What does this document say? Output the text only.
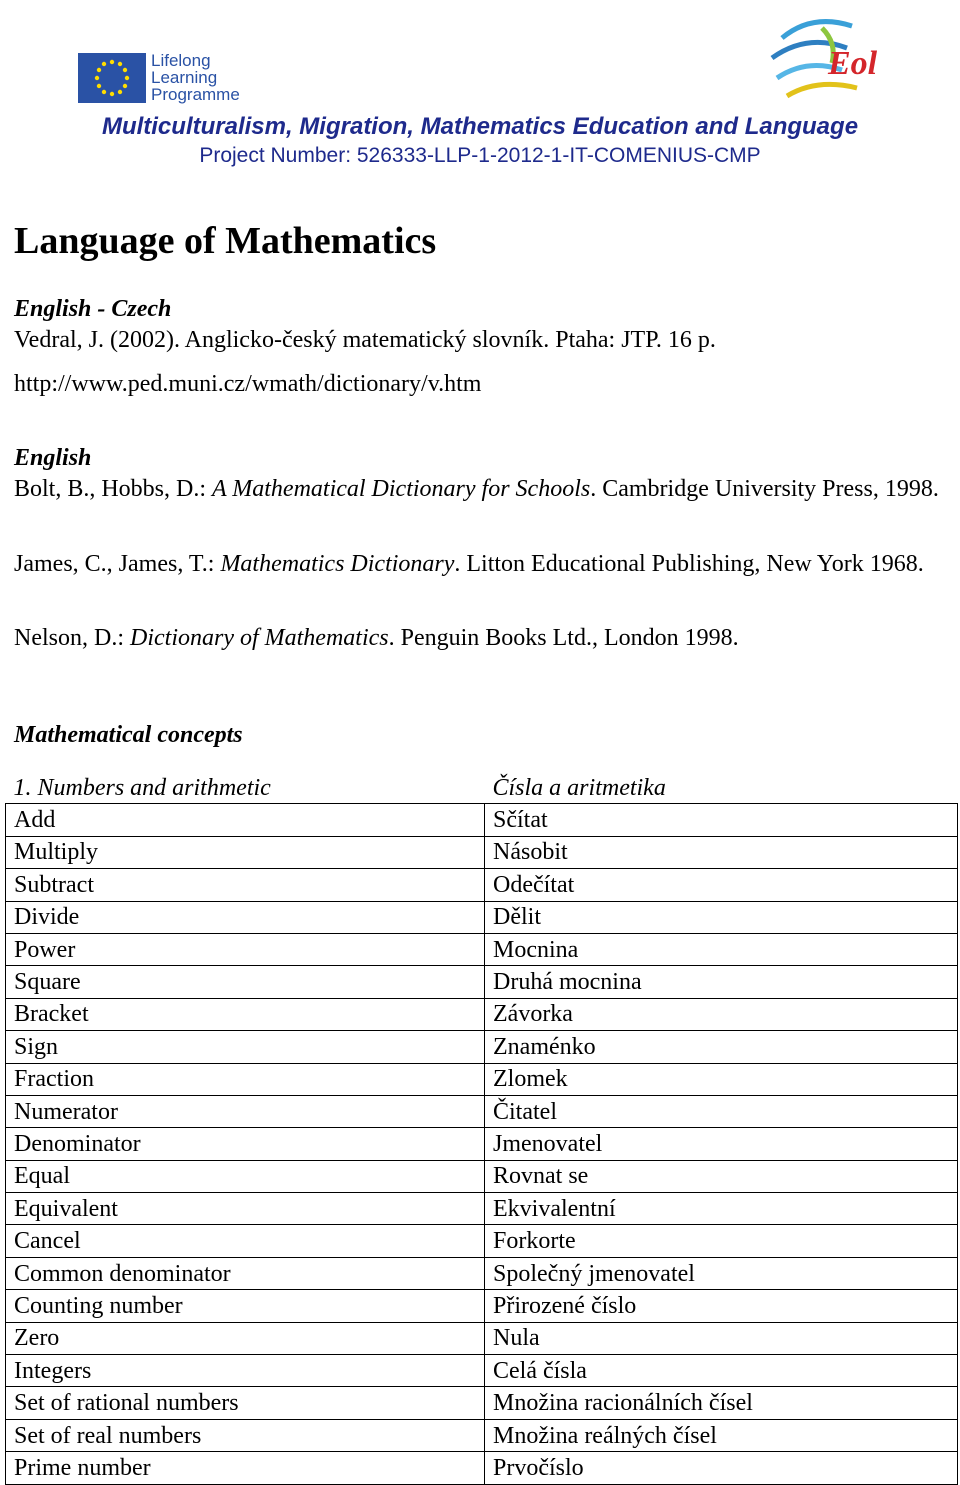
Lifelong
Learning
Programme
Eol
Multiculturalism, Migration, Mathematics Education and Language
Project Number: 526333-LLP-1-2012-1-IT-COMENIUS-CMP
Language of Mathematics
English - Czech
Vedral, J. (2002). Anglicko-český matematický slovník. Ptaha: JTP. 16 p.
http://www.ped.muni.cz/wmath/dictionary/v.htm
English
Bolt, B., Hobbs, D.: A Mathematical Dictionary for Schools. Cambridge University Press, 1998.
James, C., James, T.: Mathematics Dictionary. Litton Educational Publishing, New York 1968.
Nelson, D.: Dictionary of Mathematics. Penguin Books Ltd., London 1998.
Mathematical concepts
1. Numbers and arithmetic	Čísla a aritmetika
Add	Sčítat
Multiply	Násobit
Subtract	Odečítat
Divide	Dělit
Power	Mocnina
Square	Druhá mocnina
Bracket	Závorka
Sign	Znaménko
Fraction	Zlomek
Numerator	Čitatel
Denominator	Jmenovatel
Equal	Rovnat se
Equivalent	Ekvivalentní
Cancel	Forkorte
Common denominator	Společný jmenovatel
Counting number	Přirozené číslo
Zero	Nula
Integers	Celá čísla
Set of rational numbers	Množina racionálních čísel
Set of real numbers	Množina reálných čísel
Prime number	Prvočíslo
